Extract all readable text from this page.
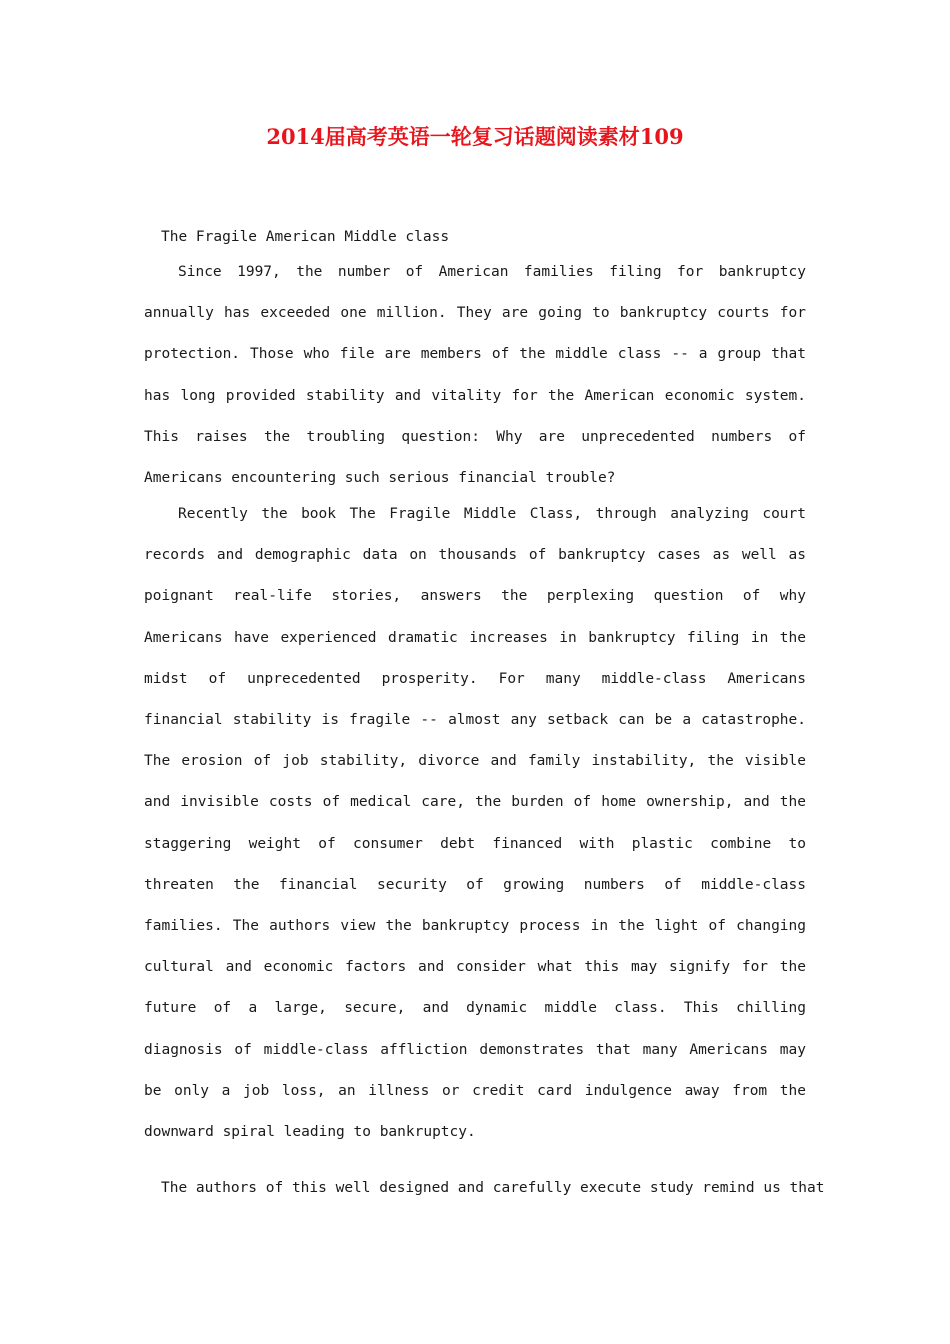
2014届高考英语一轮复习话题阅读素材109
The Fragile American Middle class

Since 1997, the number of American families filing for bankruptcy annually has exceeded one million. They are going to bankruptcy courts for protection. Those who file are members of the middle class -- a group that has long provided stability and vitality for the American economic system. This raises the troubling question: Why are unprecedented numbers of Americans encountering such serious financial trouble?

Recently the book The Fragile Middle Class, through analyzing court records and demographic data on thousands of bankruptcy cases as well as poignant real-life stories, answers the perplexing question of why Americans have experienced dramatic increases in bankruptcy filing in the midst of unprecedented prosperity. For many middle-class Americans financial stability is fragile -- almost any setback can be a catastrophe. The erosion of job stability, divorce and family instability, the visible and invisible costs of medical care, the burden of home ownership, and the staggering weight of consumer debt financed with plastic combine to threaten the financial security of growing numbers of middle-class families. The authors view the bankruptcy process in the light of changing cultural and economic factors and consider what this may signify for the future of a large, secure, and dynamic middle class. This chilling diagnosis of middle-class affliction demonstrates that many Americans may be only a job loss, an illness or credit card indulgence away from the downward spiral leading to bankruptcy.

The authors of this well designed and carefully execute study remind us that
